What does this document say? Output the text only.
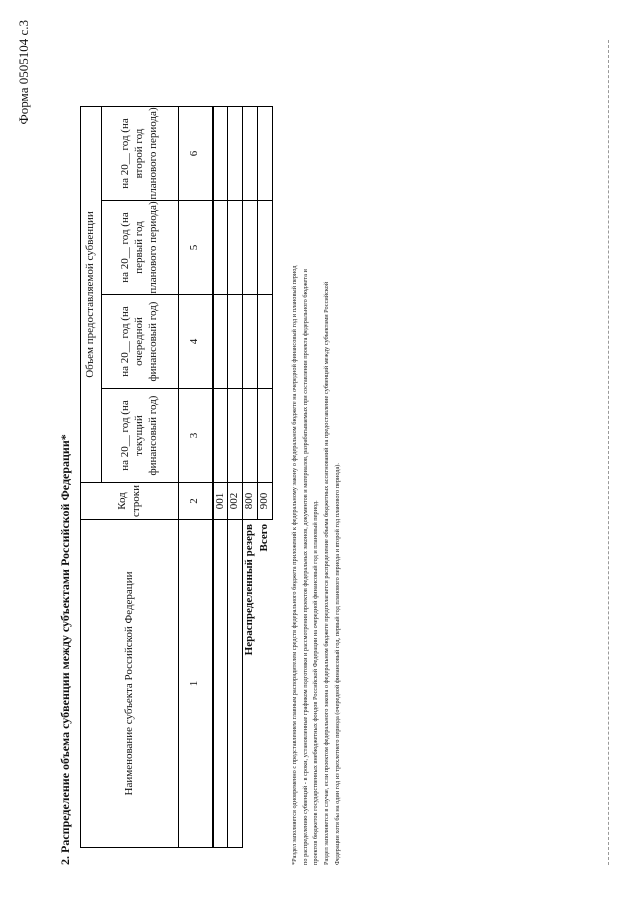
Форма 0505104 с.3
2. Распределение объема субвенции между субъектами Российской Федерации*	Наименование субъекта Российской Федерации	Код строки	Объем предоставляемой субвенции			
		на 20__ год (на текущий финансовый год)	на 20__ год (на очередной финансовый год)	на 20__ год (на первый год планового периода)	на 20__ год (на второй год планового периода)
1	2	3	4	5	6
	001				
	002				
Нераспределенный резерв	800				
Всего	900					*Раздел заполняется одновременно с представлением главным распорядителем средств федерального бюджета приложений к федеральному закону о федеральном бюджете на очередной финансовый год и плановый период по распределению субвенций - в сроки, установленные графиком подготовки и рассмотрения проектов федеральных законов, документов и материалов, разрабатываемых при составлении проекта федерального бюджета и проектов бюджетов государственных внебюджетных фондов Российской Федерации на очередной финансовый год и плановый период. Раздел заполняется в случае, если проектом федерального закона о федеральном бюджете предполагается распределение объема бюджетных ассигнований на предоставление субвенций между субъектами Российской Федерации хотя бы на один год из трехлетнего периода (очередной финансовый год, первый год планового периода и второй год планового периода).
